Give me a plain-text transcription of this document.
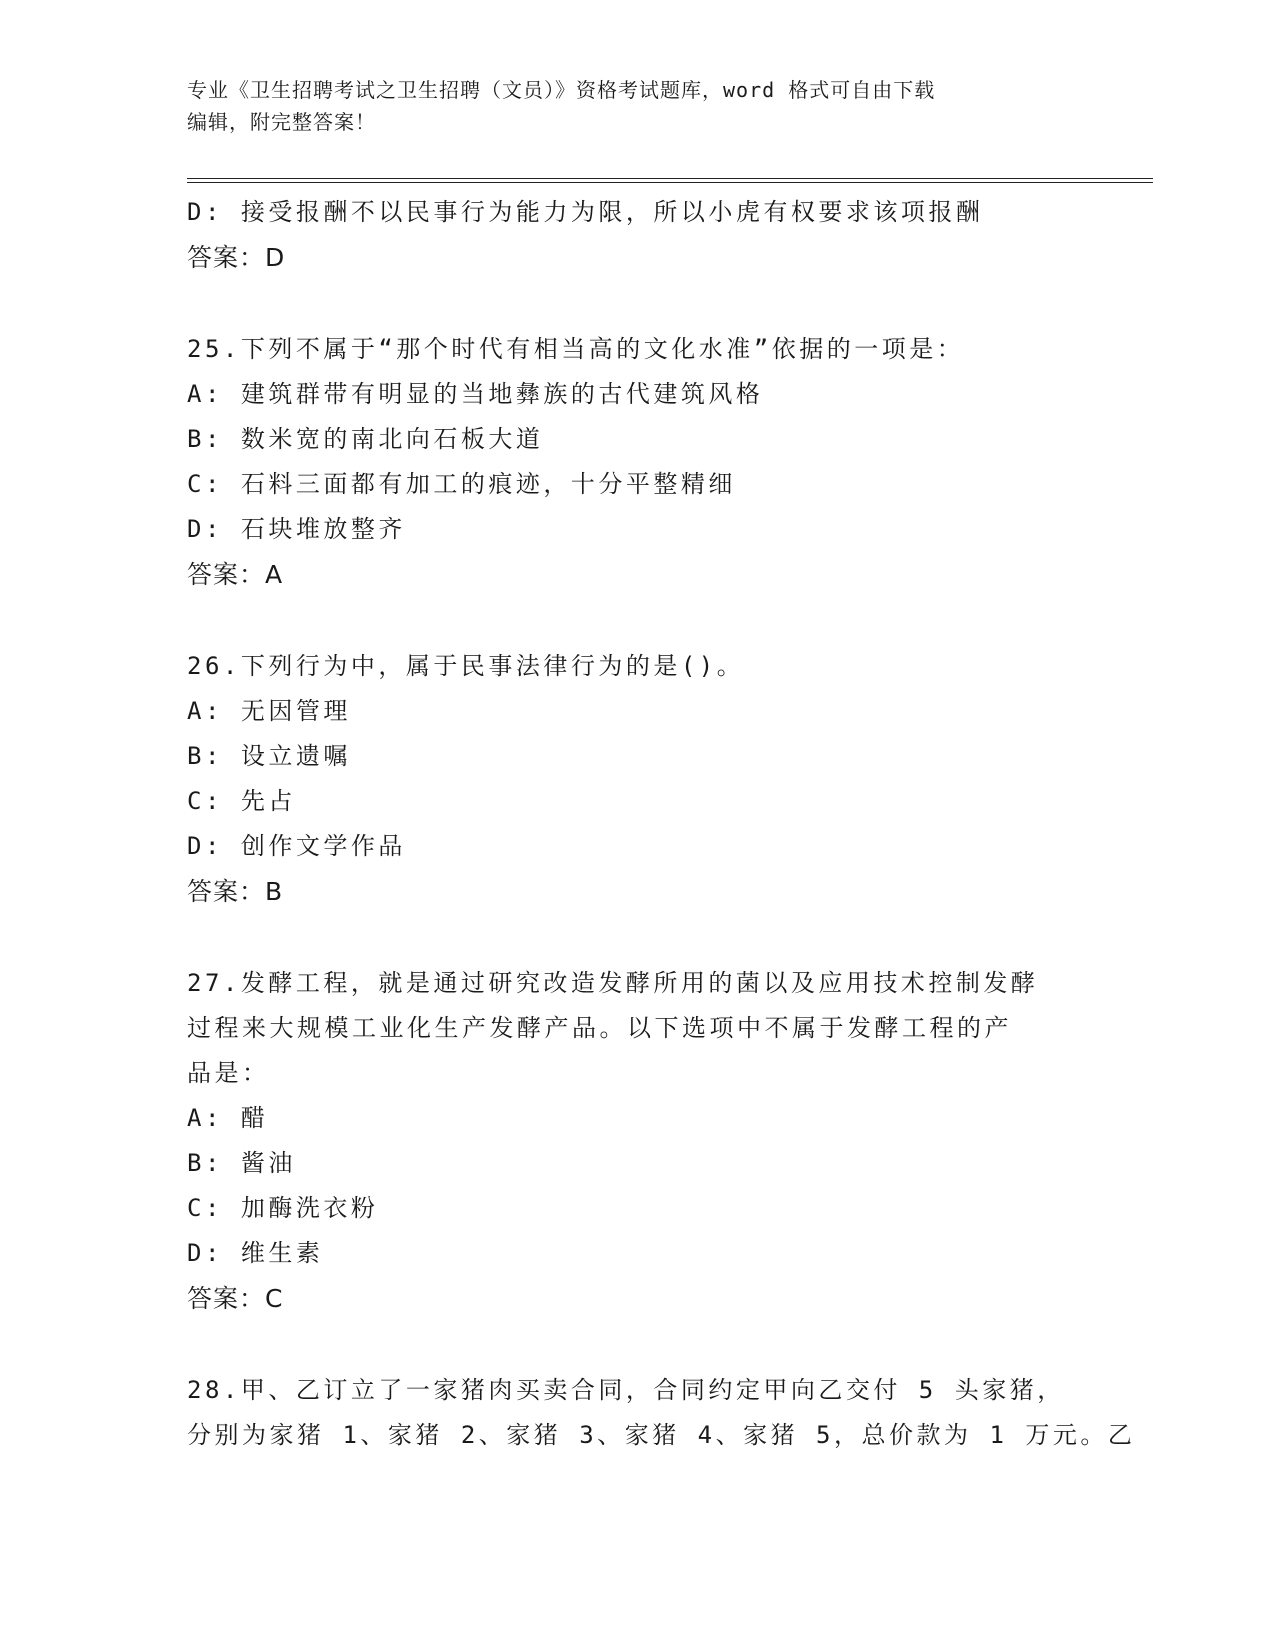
专业《卫生招聘考试之卫生招聘（文员）》资格考试题库，word 格式可自由下载
编辑，附完整答案！
D: 接受报酬不以民事行为能力为限，所以小虎有权要求该项报酬
答案：D
25.下列不属于“那个时代有相当高的文化水准”依据的一项是：
A: 建筑群带有明显的当地彝族的古代建筑风格
B: 数米宽的南北向石板大道
C: 石料三面都有加工的痕迹，十分平整精细
D: 石块堆放整齐
答案：A
26.下列行为中，属于民事法律行为的是()。
A: 无因管理
B: 设立遗嘱
C: 先占
D: 创作文学作品
答案：B
27.发酵工程，就是通过研究改造发酵所用的菌以及应用技术控制发酵
过程来大规模工业化生产发酵产品。以下选项中不属于发酵工程的产
品是：
A: 醋
B: 酱油
C: 加酶洗衣粉
D: 维生素
答案：C
28.甲、乙订立了一家猪肉买卖合同，合同约定甲向乙交付 5 头家猪，
分别为家猪 1、家猪 2、家猪 3、家猪 4、家猪 5，总价款为 1 万元。乙
